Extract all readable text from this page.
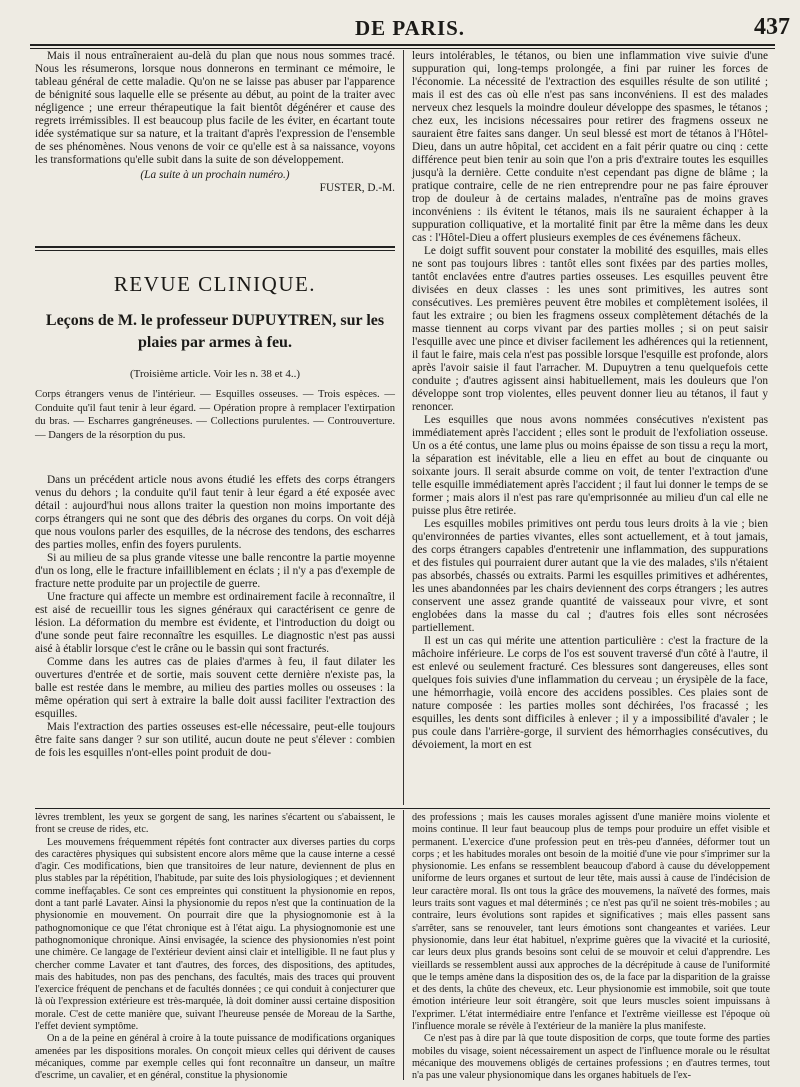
DE PARIS.	437

Mais il nous entraîneraient au-delà du plan que nous nous sommes tracé. Nous les résumerons, lorsque nous donnerons en terminant ce mémoire, le tableau général de cette maladie. Qu'on ne se laisse pas abuser par l'apparence de bénignité sous laquelle elle se présente au début, au point de la traiter avec négligence ; une erreur thérapeutique la fait bientôt dégénérer et cause des regrets irrémissibles. Il est beaucoup plus facile de les éviter, en écartant toute idée systématique sur sa nature, et la traitant d'après l'expression de l'ensemble de ses phénomènes. Nous venons de voir ce qu'elle est à sa naissance, voyons les transformations qu'elle subit dans la suite de son développement.

(La suite à un prochain numéro.)
FUSTER, D.-M.
REVUE CLINIQUE.
Leçons de M. le professeur DUPUYTREN, sur les plaies par armes à feu.
(Troisième article. Voir les n. 38 et 4..)
Corps étrangers venus de l'intérieur. — Esquilles osseuses. — Trois espèces. — Conduite qu'il faut tenir à leur égard. — Opération propre à remplacer l'extirpation du bras. — Escharres gangréneuses. — Collections purulentes. — Controuverture. — Dangers de la résorption du pus.

Dans un précédent article nous avons étudié les effets des corps étrangers venus du dehors ; la conduite qu'il faut tenir à leur égard a été exposée avec détail : aujourd'hui nous allons traiter la question non moins importante des corps étrangers qui ne sont que des débris des organes du corps. On voit déjà que nous voulons parler des esquilles, de la nécrose des tendons, des escharres des parties molles, enfin des foyers purulents.

Si au milieu de sa plus grande vitesse une balle rencontre la partie moyenne d'un os long, elle le fracture infailliblement en éclats ; il n'y a pas d'exemple de fracture nette produite par un projectile de guerre.

Une fracture qui affecte un membre est ordinairement facile à reconnaître, il est aisé de recueillir tous les signes généraux qui caractérisent ce genre de lésion. La déformation du membre est évidente, et l'introduction du doigt ou d'une sonde peut faire reconnaître les esquilles. Le diagnostic n'est pas aussi aisé à établir lorsque c'est le crâne ou le bassin qui sont fracturés.

Comme dans les autres cas de plaies d'armes à feu, il faut dilater les ouvertures d'entrée et de sortie, mais souvent cette dernière n'existe pas, la balle est restée dans le membre, au milieu des parties molles ou osseuses : la même opération qui sert à extraire la balle doit aussi faciliter l'extraction des esquilles.

Mais l'extraction des parties osseuses est-elle nécessaire, peut-elle toujours être faite sans danger ? sur son utilité, aucun doute ne peut s'élever : combien de fois les esquilles n'ont-elles point produit de dou-

leurs intolérables, le tétanos, ou bien une inflammation vive suivie d'une suppuration qui, long-temps prolongée, a fini par ruiner les forces de l'économie. La nécessité de l'extraction des esquilles résulte de son utilité ; mais il est des cas où elle n'est pas sans inconvéniens. Il est des malades nerveux chez lesquels la moindre douleur développe des spasmes, le tétanos ; chez eux, les incisions nécessaires pour retirer des fragmens osseux ne sauraient être faites sans danger. Un seul blessé est mort de tétanos à l'Hôtel-Dieu, dans un autre hôpital, cet accident en a fait périr quatre ou cinq : cette différence peut bien tenir au soin que l'on a pris d'extraire toutes les esquilles jusqu'à la dernière. Cette conduite n'est cependant pas digne de blâme ; la pratique contraire, celle de ne rien entreprendre pour ne pas faire éprouver trop de douleur à de certains malades, n'entraîne pas de moins graves inconvéniens : ils évitent le tétanos, mais ils ne sauraient échapper à la suppuration colliquative, et la mortalité finit par être la même dans les deux cas : l'Hôtel-Dieu a offert plusieurs exemples de ces événemens fâcheux.

Le doigt suffit souvent pour constater la mobilité des esquilles, mais elles ne sont pas toujours libres : tantôt elles sont fixées par des parties molles, tantôt enclavées entre d'autres parties osseuses. Les esquilles peuvent être divisées en deux classes : les unes sont primitives, les autres sont consécutives. Les premières peuvent être mobiles et complètement isolées, il faut les extraire ; ou bien les fragmens osseux complètement détachés de la masse tiennent au corps vivant par des parties molles ; si on peut saisir l'esquille avec une pince et diviser facilement les adhérences qui la retiennent, il faut le faire, mais cela n'est pas possible lorsque l'esquille est profonde, alors après l'avoir saisie il faut l'arracher. M. Dupuytren a tenu quelquefois cette conduite ; d'autres agissent ainsi habituellement, mais les douleurs que l'on développe sont trop violentes, elles peuvent donner lieu au tétanos, il faut y renoncer.

Les esquilles que nous avons nommées consécutives n'existent pas immédiatement après l'accident ; elles sont le produit de l'exfoliation osseuse. Un os a été contus, une lame plus ou moins épaisse de son tissu a reçu la mort, la séparation est inévitable, elle a lieu en effet au bout de cinquante ou soixante jours. Il serait absurde comme on voit, de tenter l'extraction d'une telle esquille immédiatement après l'accident ; il faut lui donner le temps de se former ; mais alors il n'est pas rare qu'emprisonnée au milieu d'un cal elle ne puisse plus être retirée.

Les esquilles mobiles primitives ont perdu tous leurs droits à la vie ; bien qu'environnées de parties vivantes, elles sont actuellement, et à tout jamais, des corps étrangers capables d'entretenir une inflammation, des suppurations et des fistules qui pourraient durer autant que la vie des malades, s'ils n'étaient pas absorbés, chassés ou extraits. Parmi les esquilles primitives et adhérentes, les unes abandonnées par les chairs deviennent des corps étrangers ; les autres conservent une assez grande quantité de vaisseaux pour vivre, et sont englobées dans la masse du cal ; d'autres fois elles sont nécrosées partiellement.

Il est un cas qui mérite une attention particulière : c'est la fracture de la mâchoire inférieure. Le corps de l'os est souvent traversé d'un côté à l'autre, il est enlevé ou seulement fracturé. Ces blessures sont dangereuses, elles sont quelques fois suivies d'une inflammation du cerveau ; un érysipèle de la face, une hémorrhagie, voilà encore des accidens possibles. Ces plaies sont de nature composée : les parties molles sont déchirées, l'os fracassé ; les esquilles, les dents sont difficiles à enlever ; il y a impossibilité d'avaler ; le pus coule dans l'arrière-gorge, il survient des hémorrhagies consécutives, du dévoiement, la mort en est

lèvres tremblent, les yeux se gorgent de sang, les narines s'écartent ou s'abaissent, le front se creuse de rides, etc.

Les mouvemens fréquemment répétés font contracter aux diverses parties du corps des caractères physiques qui subsistent encore alors même que la cause interne a cessé d'agir. Ces modifications, bien que transitoires de leur nature, deviennent de plus en plus stables par la répétition, l'habitude, par suite des lois physiologiques ; et deviennent comme ineffaçables. Ce sont ces empreintes qui constituent la physionomie en repos, dont a tant parlé Lavater. Ainsi la physionomie du repos n'est que la continuation de la physionomie en mouvement. On pourrait dire que la physiognomonie est à la pathognomonique ce que l'état chronique est à l'état aigu. La physiognomonie est une pathognomonique chronique. Ainsi envisagée, la science des physionomies n'est point une chimère. Ce langage de l'extérieur devient ainsi clair et intelligible. Il ne faut plus y chercher comme Lavater et tant d'autres, des forces, des dispositions, des aptitudes, mais des habitudes, non pas des penchans, des facultés, mais des traces qui prouvent l'exercice fréquent de penchans et de facultés données ; ce qui conduit à conjecturer que là où l'expression extérieure est très-marquée, là doit dominer aussi certaine disposition morale. C'est de cette manière que, suivant l'heureuse pensée de Moreau de la Sarthe, l'effet devient symptôme.

On a de la peine en général à croire à la toute puissance de modifications organiques amenées par les dispositions morales. On conçoit mieux celles qui dérivent de causes mécaniques, comme par exemple celles qui font reconnaître un danseur, un maître d'escrime, un cavalier, et en général, constitue la physionomie

des professions ; mais les causes morales agissent d'une manière moins violente et moins continue. Il leur faut beaucoup plus de temps pour produire un effet visible et permanent. L'exercice d'une profession peut en très-peu d'années, déformer tout un corps ; et les habitudes morales ont besoin de la moitié d'une vie pour s'imprimer sur la physionomie. Les enfans se ressemblent beaucoup d'abord à cause du développement uniforme de leurs organes et surtout de leur tête, mais aussi à cause de l'indécision de leur caractère moral. Ils ont tous la grâce des mouvemens, la naïveté des formes, mais leurs traits sont vagues et mal déterminés ; ce n'est pas qu'il ne soient très-mobiles ; au contraire, leurs évolutions sont rapides et significatives ; mais elles passent sans s'arrêter, sans se renouveler, tant leurs émotions sont changeantes et variées. Leur physionomie, dans leur état habituel, n'exprime guères que la vivacité et la curiosité, car leurs deux plus grands besoins sont celui de se mouvoir et celui d'apprendre. Les vieillards se ressemblent aussi aux approches de la décrépitude à cause de l'uniformité que le temps amène dans la disposition des os, de la face par la disparition de la graisse et des dents, la chûte des cheveux, etc. Leur physionomie est immobile, soit que toute émotion intérieure leur soit étrangère, soit que leurs muscles soient impuissans à l'exprimer. L'état intermédiaire entre l'enfance et l'extrême vieillesse est l'époque où l'influence morale se révèle à l'extérieur de la manière la plus manifeste.

Ce n'est pas à dire par là que toute disposition de corps, que toute forme des parties mobiles du visage, soient nécessairement un aspect de l'influence morale ou le résultat mécanique des mouvemens obligés de certaines professions ; en d'autres termes, tout n'a pas une valeur physionomique dans les organes habituels de l'ex-
